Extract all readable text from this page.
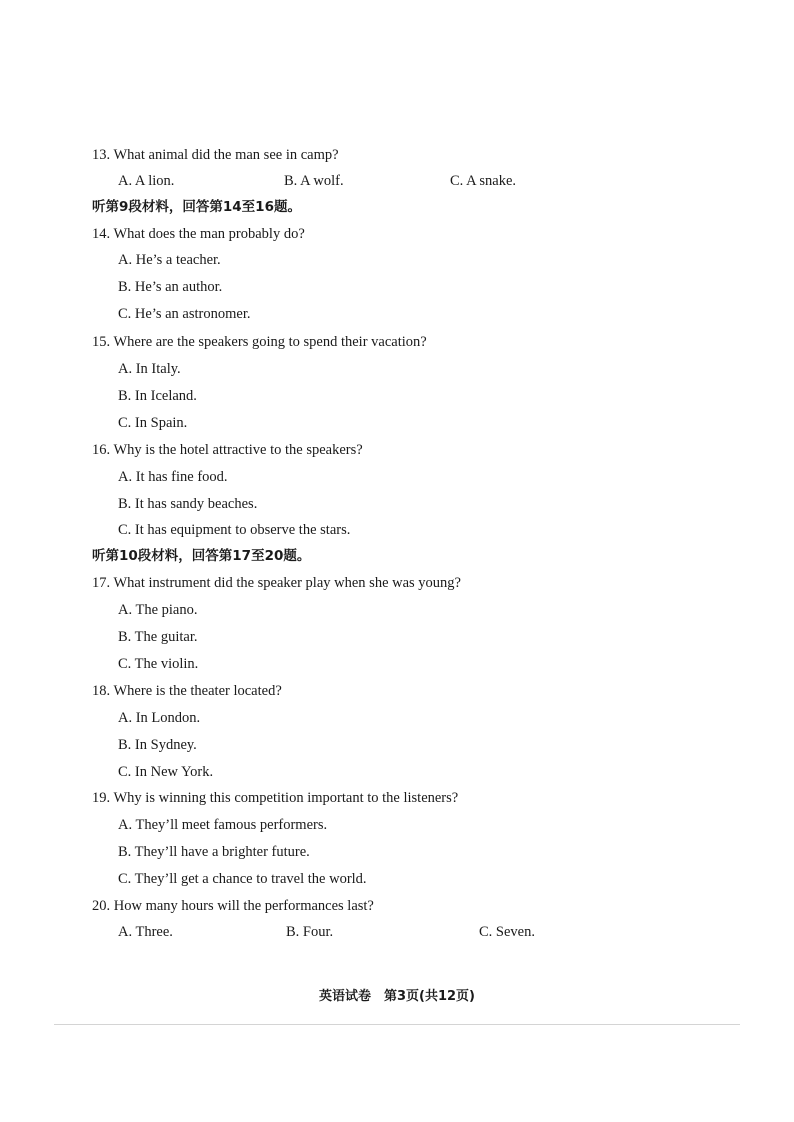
13. What animal did the man see in camp?
A. A lion.	B. A wolf.	C. A snake.
听第9段材料，回答第14至16题。
14. What does the man probably do?
A. He’s a teacher.
B. He’s an author.
C. He’s an astronomer.
15. Where are the speakers going to spend their vacation?
A. In Italy.
B. In Iceland.
C. In Spain.
16. Why is the hotel attractive to the speakers?
A. It has fine food.
B. It has sandy beaches.
C. It has equipment to observe the stars.
听第10段材料，回答第17至20题。
17. What instrument did the speaker play when she was young?
A. The piano.
B. The guitar.
C. The violin.
18. Where is the theater located?
A. In London.
B. In Sydney.
C. In New York.
19. Why is winning this competition important to the listeners?
A. They’ll meet famous performers.
B. They’ll have a brighter future.
C. They’ll get a chance to travel the world.
20. How many hours will the performances last?
A. Three.	B. Four.	C. Seven.
英语试卷　第3页(共12页)
